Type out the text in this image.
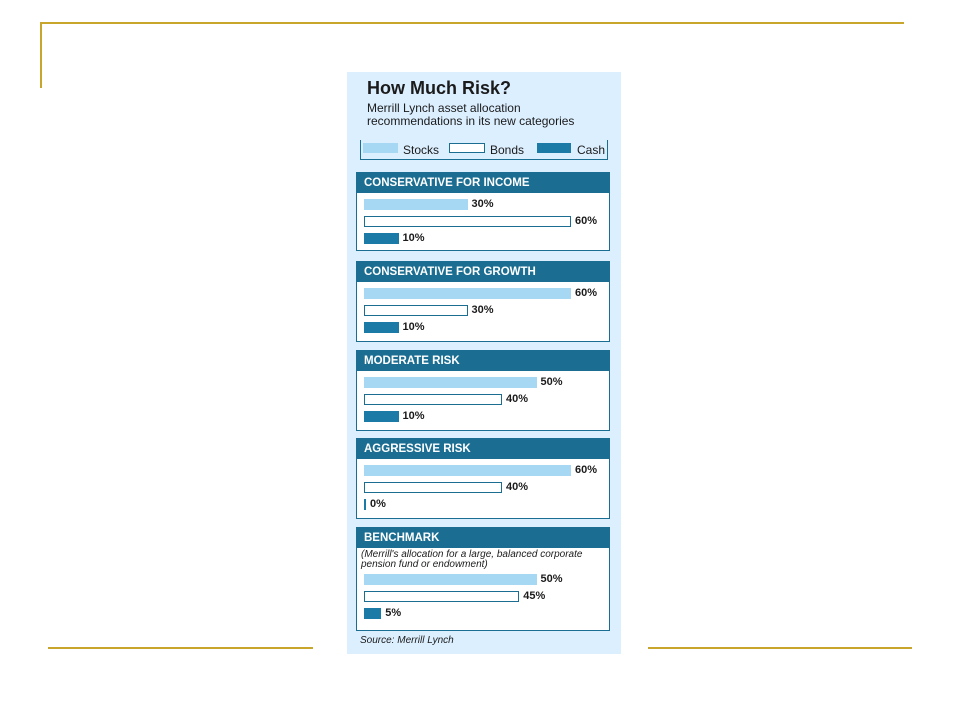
How Much Risk?
Merrill Lynch asset allocation recommendations in its new categories
Stocks	Bonds	Cash
CONSERVATIVE FOR INCOME
30%
60%
10%
CONSERVATIVE FOR GROWTH
60%
30%
10%
MODERATE RISK
50%
40%
10%
AGGRESSIVE RISK
60%
40%
0%
BENCHMARK
(Merrill's allocation for a large, balanced corporate pension fund or endowment)
50%
45%
5%
Source: Merrill Lynch
